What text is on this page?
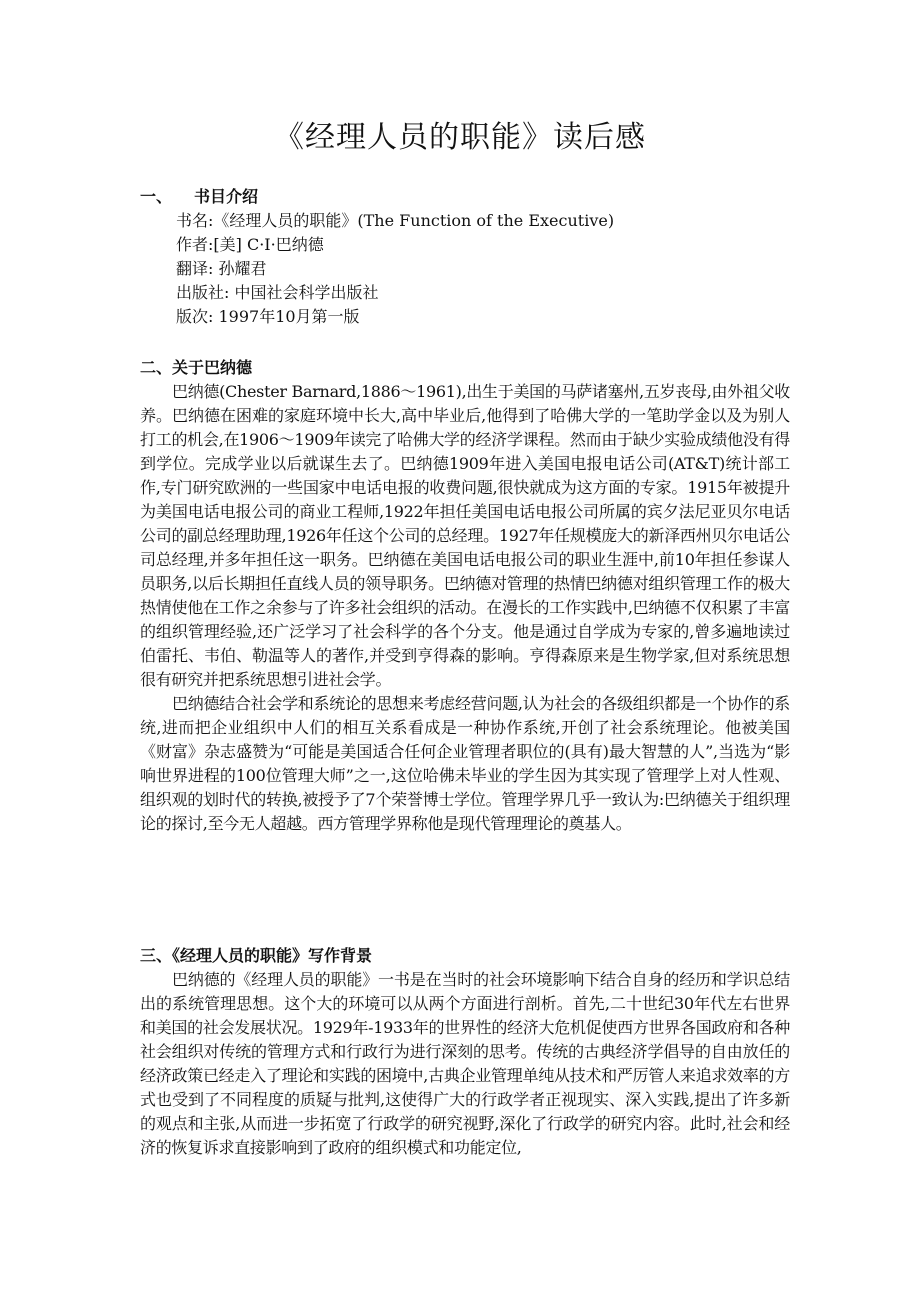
《经理人员的职能》读后感
一、 书目介绍
书名:《经理人员的职能》(The Function of the Executive)
作者:[美] C·I·巴纳德
翻译: 孙耀君
出版社: 中国社会科学出版社
版次: 1997年10月第一版
二、关于巴纳德

巴纳德(Chester Barnard,1886～1961),出生于美国的马萨诸塞州,五岁丧母,由外祖父收养。巴纳德在困难的家庭环境中长大,高中毕业后,他得到了哈佛大学的一笔助学金以及为别人打工的机会,在1906～1909年读完了哈佛大学的经济学课程。然而由于缺少实验成绩他没有得到学位。完成学业以后就谋生去了。巴纳德1909年进入美国电报电话公司(AT&T)统计部工作,专门研究欧洲的一些国家中电话电报的收费问题,很快就成为这方面的专家。1915年被提升为美国电话电报公司的商业工程师,1922年担任美国电话电报公司所属的宾夕法尼亚贝尔电话公司的副总经理助理,1926年任这个公司的总经理。1927年任规模庞大的新泽西州贝尔电话公司总经理,并多年担任这一职务。巴纳德在美国电话电报公司的职业生涯中,前10年担任参谋人员职务,以后长期担任直线人员的领导职务。巴纳德对管理的热情巴纳德对组织管理工作的极大热情使他在工作之余参与了许多社会组织的活动。在漫长的工作实践中,巴纳德不仅积累了丰富的组织管理经验,还广泛学习了社会科学的各个分支。他是通过自学成为专家的,曾多遍地读过伯雷托、韦伯、勒温等人的著作,并受到亨得森的影响。亨得森原来是生物学家,但对系统思想很有研究并把系统思想引进社会学。

巴纳德结合社会学和系统论的思想来考虑经营问题,认为社会的各级组织都是一个协作的系统,进而把企业组织中人们的相互关系看成是一种协作系统,开创了社会系统理论。他被美国《财富》杂志盛赞为“可能是美国适合任何企业管理者职位的(具有)最大智慧的人”,当选为“影响世界进程的100位管理大师”之一,这位哈佛未毕业的学生因为其实现了管理学上对人性观、组织观的划时代的转换,被授予了7个荣誉博士学位。管理学界几乎一致认为:巴纳德关于组织理论的探讨,至今无人超越。西方管理学界称他是现代管理理论的奠基人。

三、《经理人员的职能》写作背景

巴纳德的《经理人员的职能》一书是在当时的社会环境影响下结合自身的经历和学识总结出的系统管理思想。这个大的环境可以从两个方面进行剖析。首先,二十世纪30年代左右世界和美国的社会发展状况。1929年-1933年的世界性的经济大危机促使西方世界各国政府和各种社会组织对传统的管理方式和行政行为进行深刻的思考。传统的古典经济学倡导的自由放任的经济政策已经走入了理论和实践的困境中,古典企业管理单纯从技术和严厉管人来追求效率的方式也受到了不同程度的质疑与批判,这使得广大的行政学者正视现实、深入实践,提出了许多新的观点和主张,从而进一步拓宽了行政学的研究视野,深化了行政学的研究内容。此时,社会和经济的恢复诉求直接影响到了政府的组织模式和功能定位,
